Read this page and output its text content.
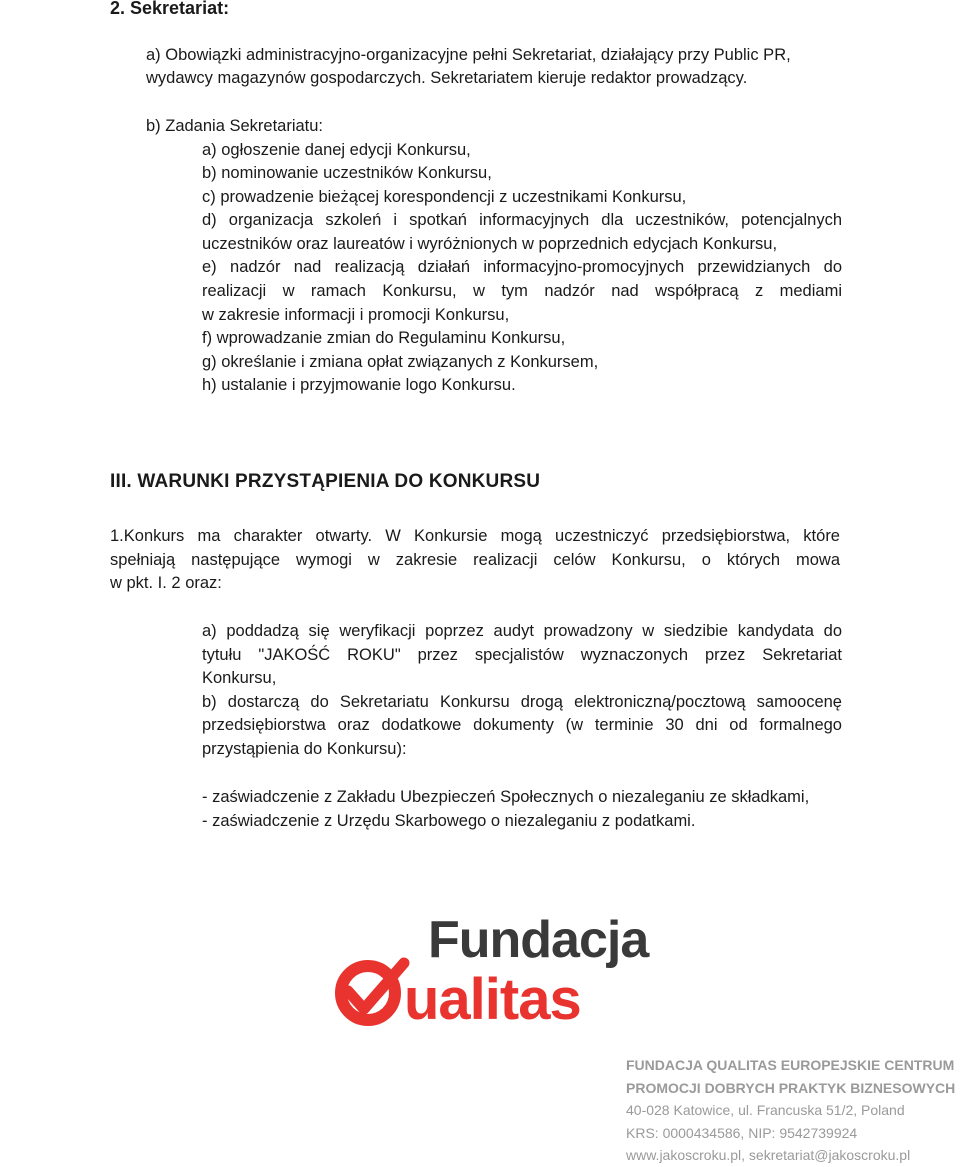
2. Sekretariat:
a) Obowiązki administracyjno-organizacyjne pełni Sekretariat, działający przy Public PR,
wydawcy magazynów gospodarczych. Sekretariatem kieruje redaktor prowadzący.
b) Zadania Sekretariatu:
a) ogłoszenie danej edycji Konkursu,
b) nominowanie uczestników Konkursu,
c) prowadzenie bieżącej korespondencji z uczestnikami Konkursu,
d) organizacja szkoleń i spotkań informacyjnych dla uczestników, potencjalnych
uczestników oraz laureatów i wyróżnionych w poprzednich edycjach Konkursu,
e) nadzór nad realizacją działań informacyjno-promocyjnych przewidzianych do
realizacji w ramach Konkursu, w tym nadzór nad współpracą z mediami
w zakresie informacji i promocji Konkursu,
f) wprowadzanie zmian do Regulaminu Konkursu,
g) określanie i zmiana opłat związanych z Konkursem,
h) ustalanie i przyjmowanie logo Konkursu.
III. WARUNKI PRZYSTĄPIENIA DO KONKURSU
1.Konkurs ma charakter otwarty. W Konkursie mogą uczestniczyć przedsiębiorstwa, które
spełniają następujące wymogi w zakresie realizacji celów Konkursu, o których mowa
w pkt. I. 2 oraz:
a) poddadzą się weryfikacji poprzez audyt prowadzony w siedzibie kandydata do
tytułu "JAKOŚĆ ROKU" przez specjalistów wyznaczonych przez Sekretariat
Konkursu,
b) dostarczą do Sekretariatu Konkursu drogą elektroniczną/pocztową samoocenę
przedsiębiorstwa oraz dodatkowe dokumenty (w terminie 30 dni od formalnego
przystąpienia do Konkursu):
- zaświadczenie z Zakładu Ubezpieczeń Społecznych o niezaleganiu ze składkami,
- zaświadczenie z Urzędu Skarbowego o niezaleganiu z podatkami.
Fundacja
ualitas
FUNDACJA QUALITAS EUROPEJSKIE CENTRUM
PROMOCJI DOBRYCH PRAKTYK BIZNESOWYCH
40-028 Katowice, ul. Francuska 51/2, Poland
KRS: 0000434586, NIP: 9542739924
www.jakoscroku.pl, sekretariat@jakoscroku.pl
